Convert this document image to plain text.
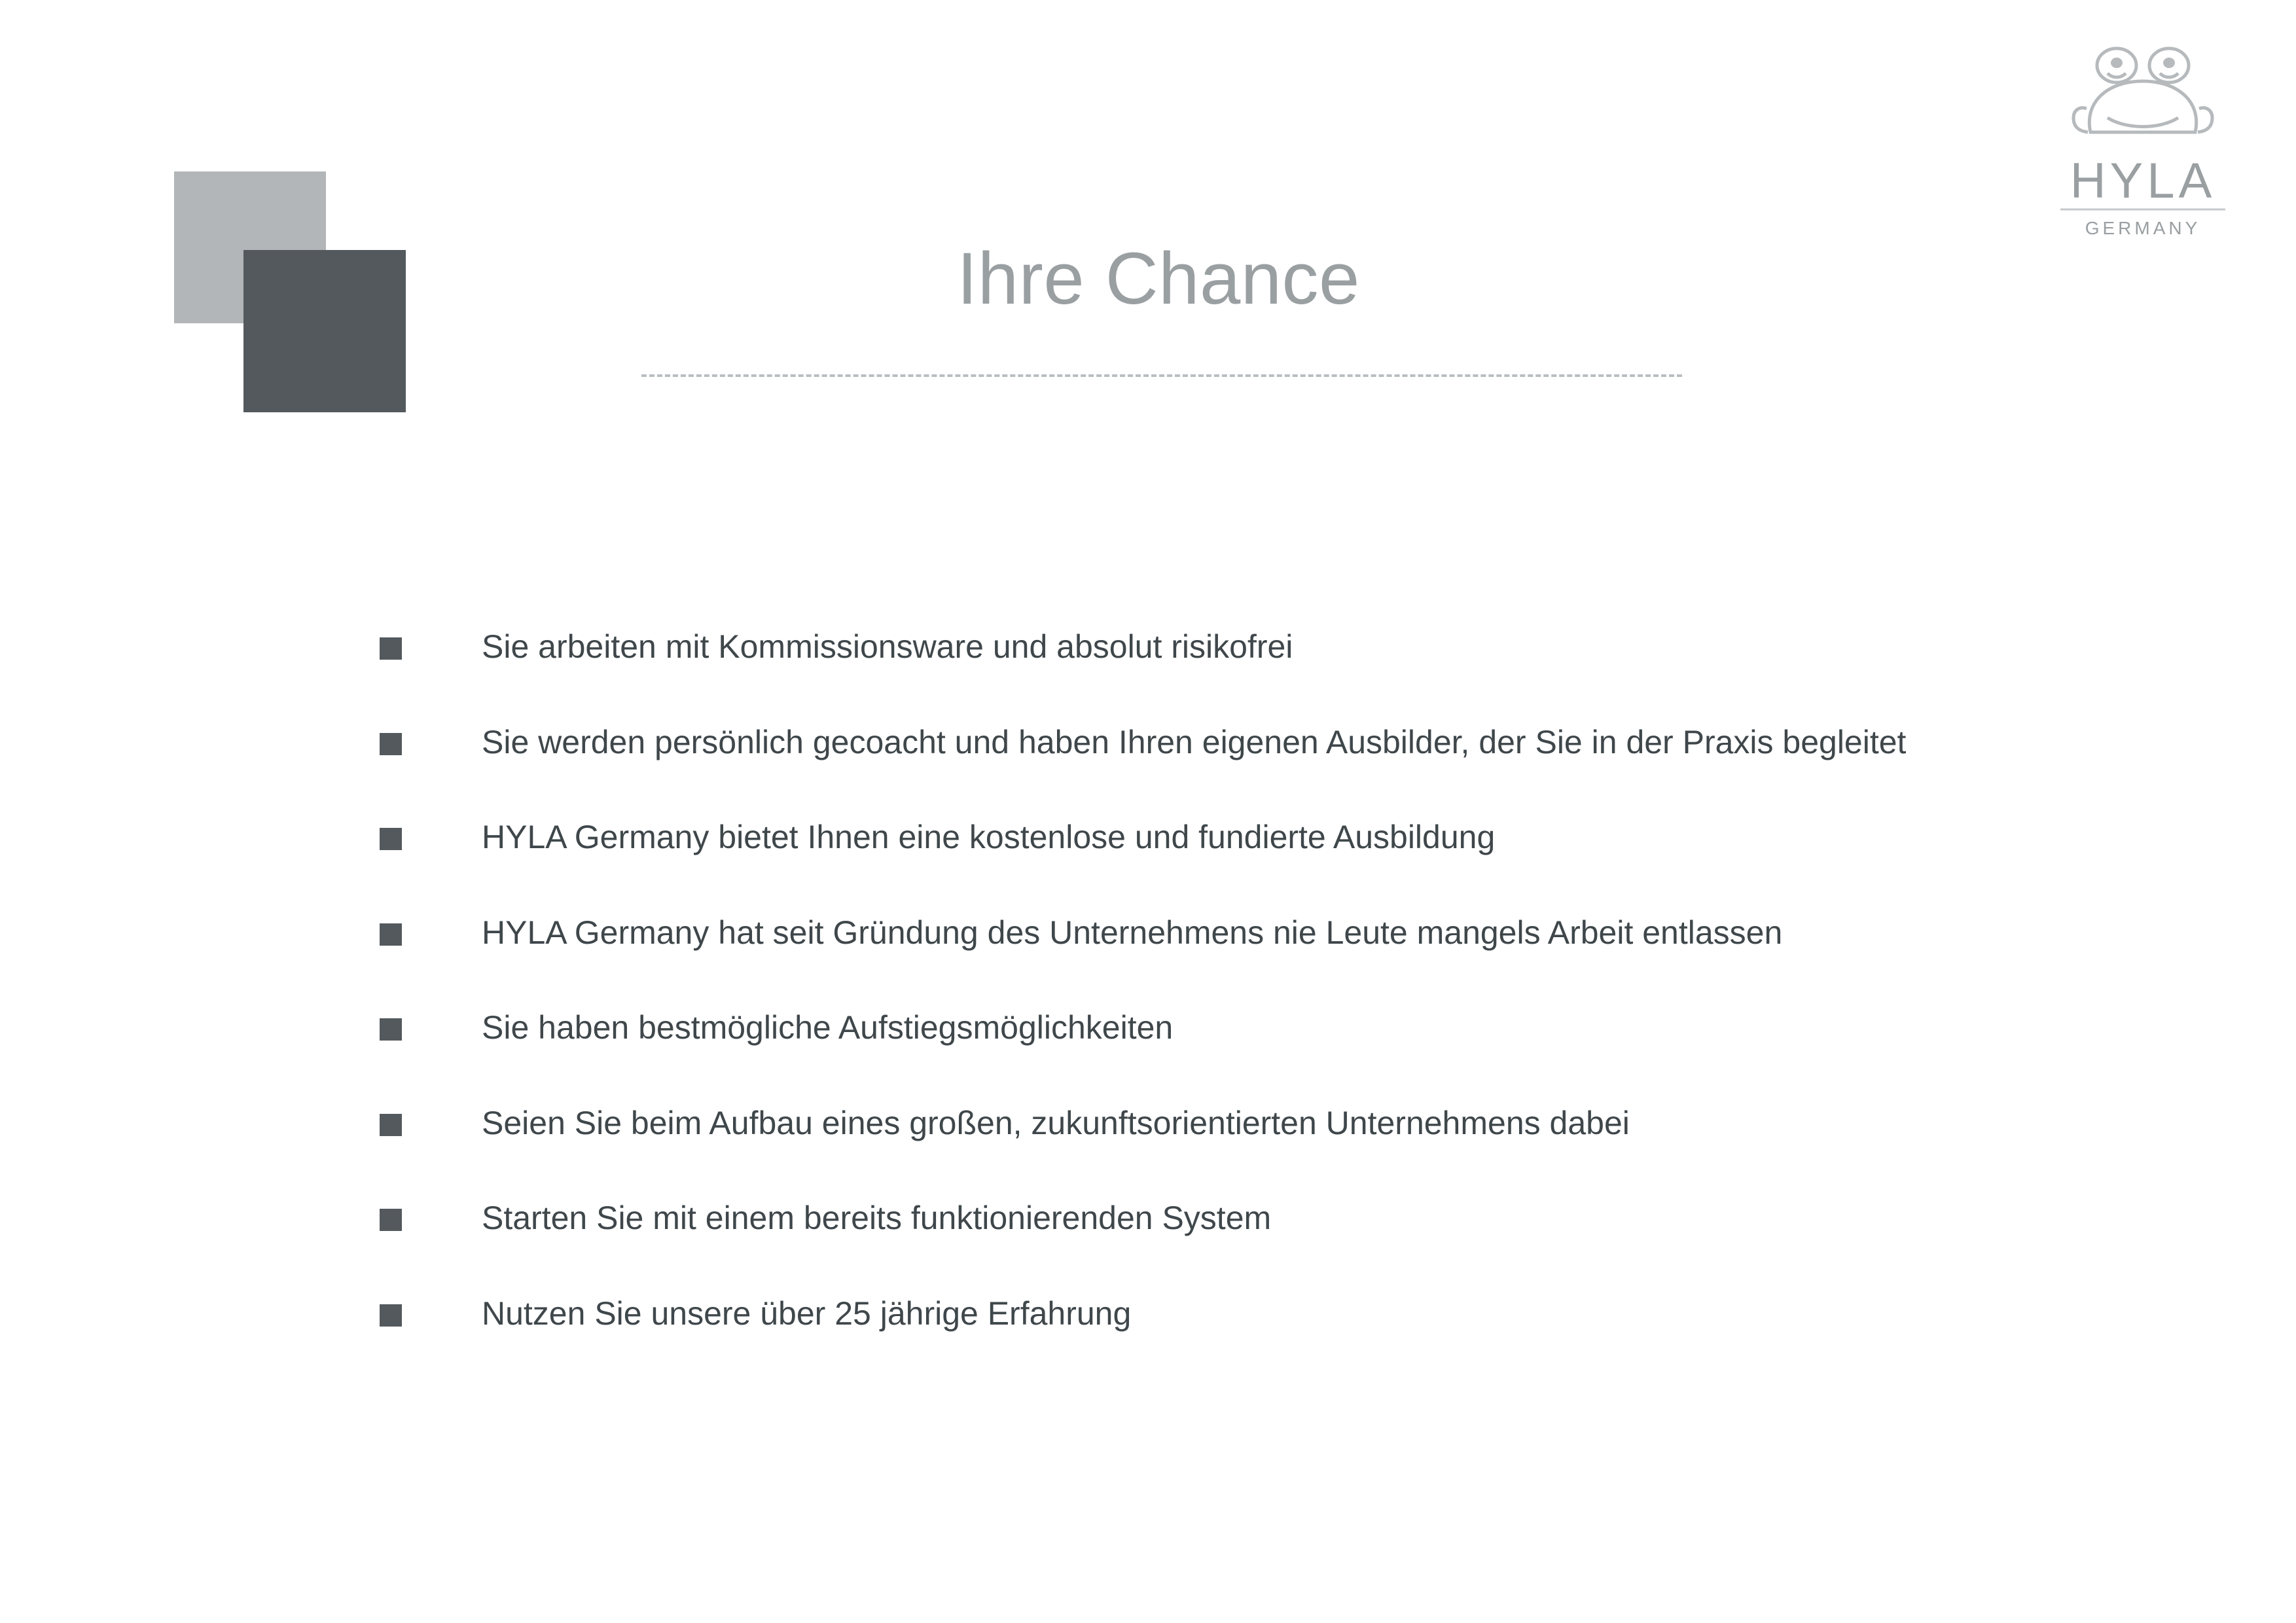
Ihre Chance
HYLA
GERMANY
Sie arbeiten mit Kommissionsware und absolut risikofrei
Sie werden persönlich gecoacht und haben Ihren eigenen Ausbilder, der Sie in der Praxis begleitet
HYLA Germany bietet Ihnen eine kostenlose und fundierte Ausbildung
HYLA Germany hat seit Gründung des Unternehmens nie Leute mangels Arbeit entlassen
Sie haben bestmögliche Aufstiegsmöglichkeiten
Seien Sie beim Aufbau eines großen, zukunftsorientierten Unternehmens dabei
Starten Sie mit einem bereits funktionierenden System
Nutzen Sie unsere über 25 jährige Erfahrung
